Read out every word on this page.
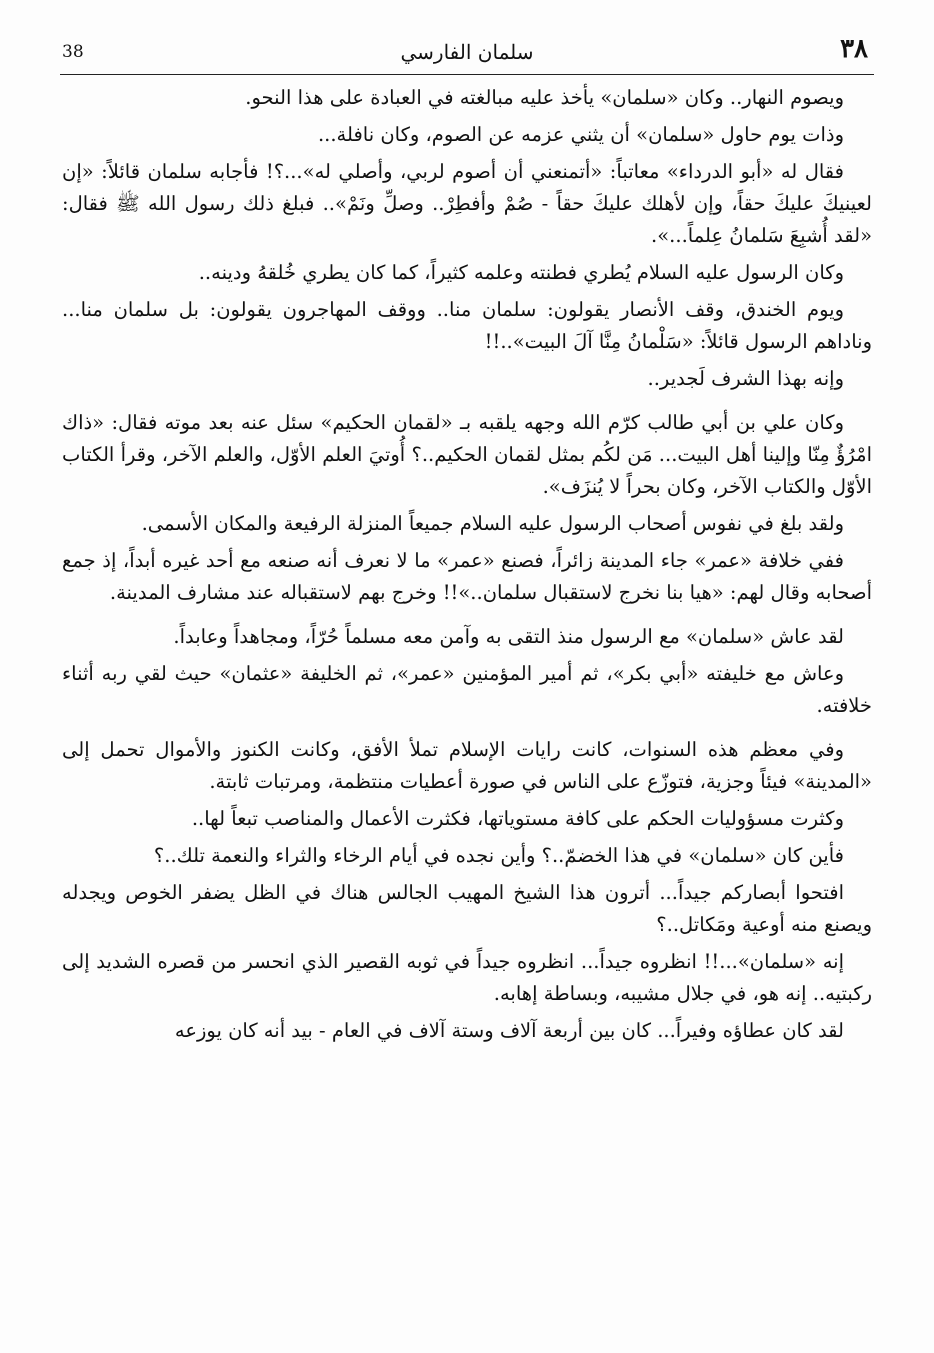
٣٨
سلمان الفارسي
38

ويصوم النهار.. وكان «سلمان» يأخذ عليه مبالغته في العبادة على هذا النحو.

وذات يوم حاول «سلمان» أن يثني عزمه عن الصوم، وكان نافلة...

فقال له «أبو الدرداء» معاتباً: «أتمنعني أن أصوم لربي، وأصلي له»...؟! فأجابه سلمان قائلاً: «إن لعينيكَ عليكَ حقاً، وإن لأهلك عليكَ حقاً - صُمْ وأفطِرْ.. وصلِّ ونَمْ».. فبلغ ذلك رسول الله ﷺ فقال: «لقد أُشبِعَ سَلمانُ عِلماً...».

وكان الرسول عليه السلام يُطري فطنته وعلمه كثيراً، كما كان يطري خُلقهُ ودينه..

ويوم الخندق، وقف الأنصار يقولون: سلمان منا.. ووقف المهاجرون يقولون: بل سلمان منا... وناداهم الرسول قائلاً: «سَلْمانُ مِنَّا آلَ البيت»..!!

وإنه بهذا الشرف لَجدير..

وكان علي بن أبي طالب كرّم الله وجهه يلقبه بـ «لقمان الحكيم» سئل عنه بعد موته فقال: «ذاك امْرُؤٌ مِنّا وإلينا أهل البيت... مَن لكُم بمثل لقمان الحكيم..؟ أُوتيَ العلم الأوّل، والعلم الآخر، وقرأ الكتاب الأوّل والكتاب الآخر، وكان بحراً لا يُنزَف».

ولقد بلغ في نفوس أصحاب الرسول عليه السلام جميعاً المنزلة الرفيعة والمكان الأسمى.

ففي خلافة «عمر» جاء المدينة زائراً، فصنع «عمر» ما لا نعرف أنه صنعه مع أحد غيره أبداً، إذ جمع أصحابه وقال لهم: «هيا بنا نخرج لاستقبال سلمان..»!! وخرج بهم لاستقباله عند مشارف المدينة.

لقد عاش «سلمان» مع الرسول منذ التقى به وآمن معه مسلماً حُرّاً، ومجاهداً وعابداً.

وعاش مع خليفته «أبي بكر»، ثم أمير المؤمنين «عمر»، ثم الخليفة «عثمان» حيث لقي ربه أثناء خلافته.

وفي معظم هذه السنوات، كانت رايات الإسلام تملأ الأفق، وكانت الكنوز والأموال تحمل إلى «المدينة» فيئاً وجزية، فتوزّع على الناس في صورة أعطيات منتظمة، ومرتبات ثابتة.

وكثرت مسؤوليات الحكم على كافة مستوياتها، فكثرت الأعمال والمناصب تبعاً لها..

فأين كان «سلمان» في هذا الخضمّ..؟ وأين نجده في أيام الرخاء والثراء والنعمة تلك..؟

افتحوا أبصاركم جيداً... أترون هذا الشيخ المهيب الجالس هناك في الظل يضفر الخوص ويجدله ويصنع منه أوعية ومَكاتل..؟

إنه «سلمان»...!! انظروه جيداً... انظروه جيداً في ثوبه القصير الذي انحسر من قصره الشديد إلى ركبتيه.. إنه هو، في جلال مشيبه، وبساطة إهابه.

لقد كان عطاؤه وفيراً... كان بين أربعة آلاف وستة آلاف في العام - بيد أنه كان يوزعه
